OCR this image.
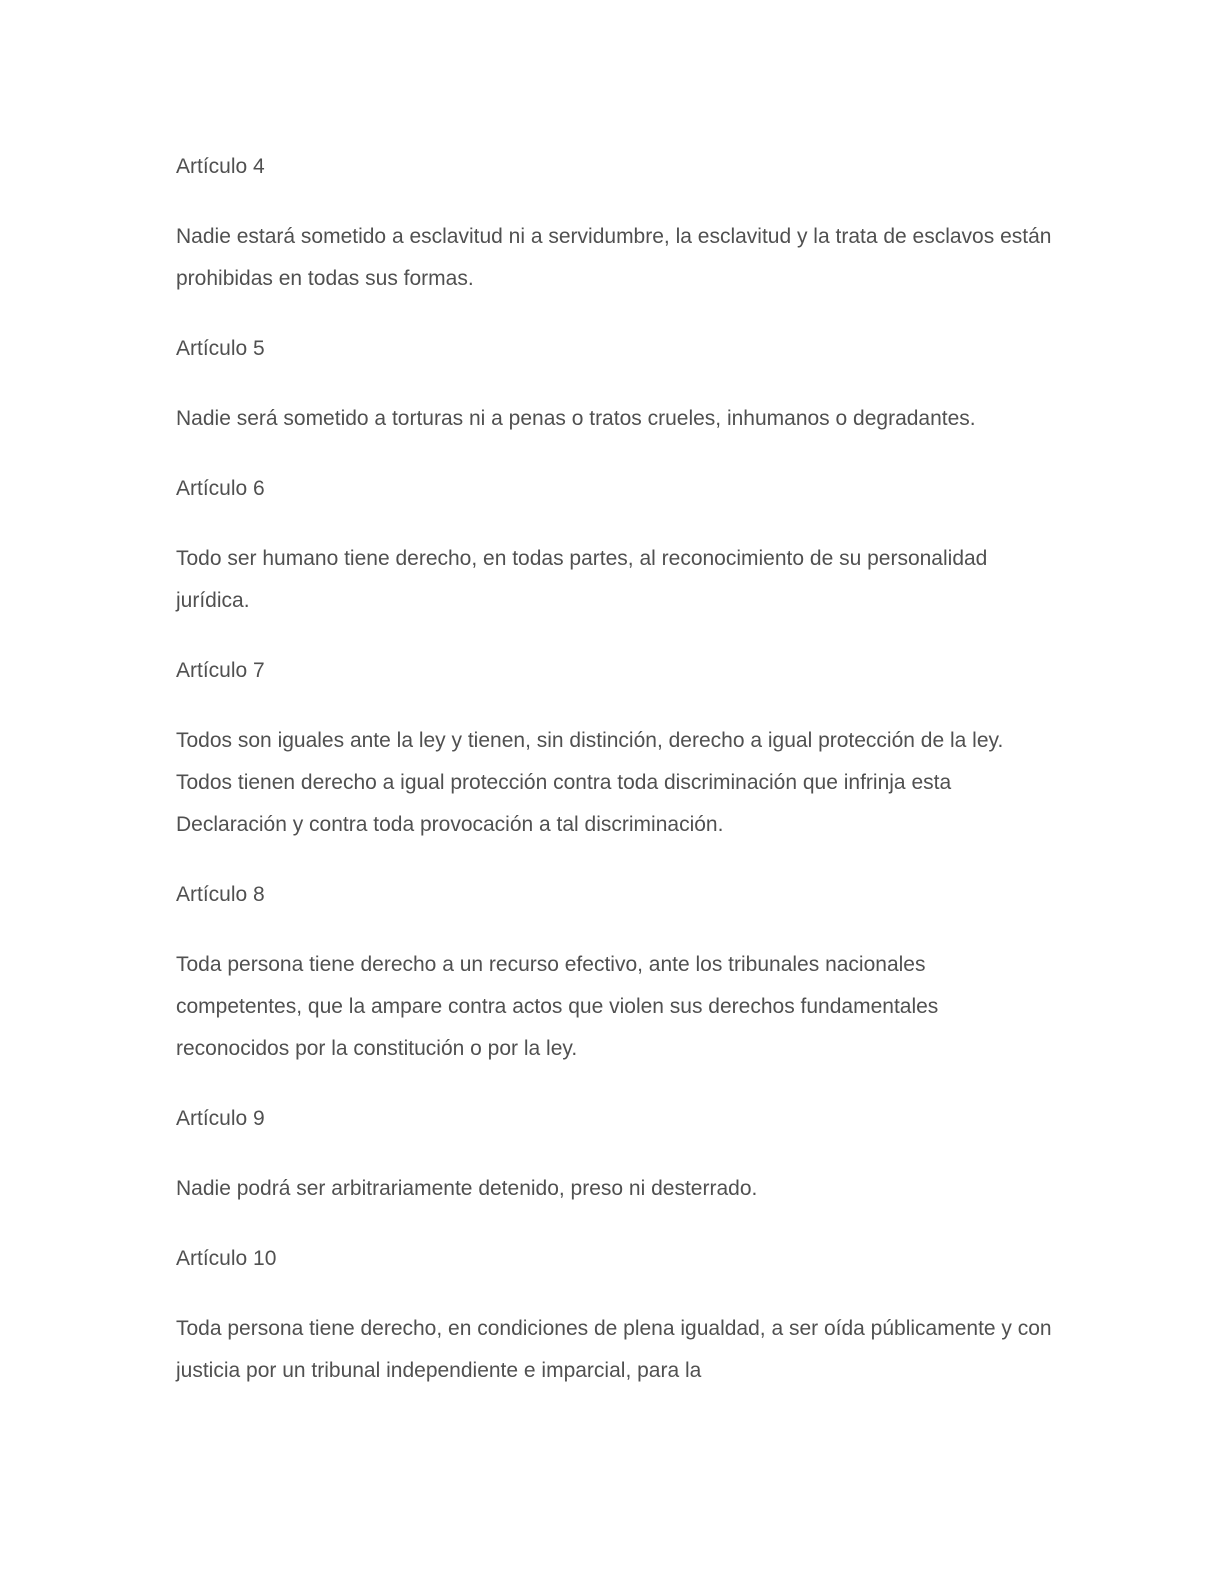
Artículo 4

Nadie estará sometido a esclavitud ni a servidumbre, la esclavitud y la trata de esclavos están prohibidas en todas sus formas.

Artículo 5

Nadie será sometido a torturas ni a penas o tratos crueles, inhumanos o degradantes.

Artículo 6

Todo ser humano tiene derecho, en todas partes, al reconocimiento de su personalidad jurídica.

Artículo 7

Todos son iguales ante la ley y tienen, sin distinción, derecho a igual protección de la ley. Todos tienen derecho a igual protección contra toda discriminación que infrinja esta Declaración y contra toda provocación a tal discriminación.

Artículo 8

Toda persona tiene derecho a un recurso efectivo, ante los tribunales nacionales competentes, que la ampare contra actos que violen sus derechos fundamentales reconocidos por la constitución o por la ley.

Artículo 9

Nadie podrá ser arbitrariamente detenido, preso ni desterrado.

Artículo 10

Toda persona tiene derecho, en condiciones de plena igualdad, a ser oída públicamente y con justicia por un tribunal independiente e imparcial, para la
